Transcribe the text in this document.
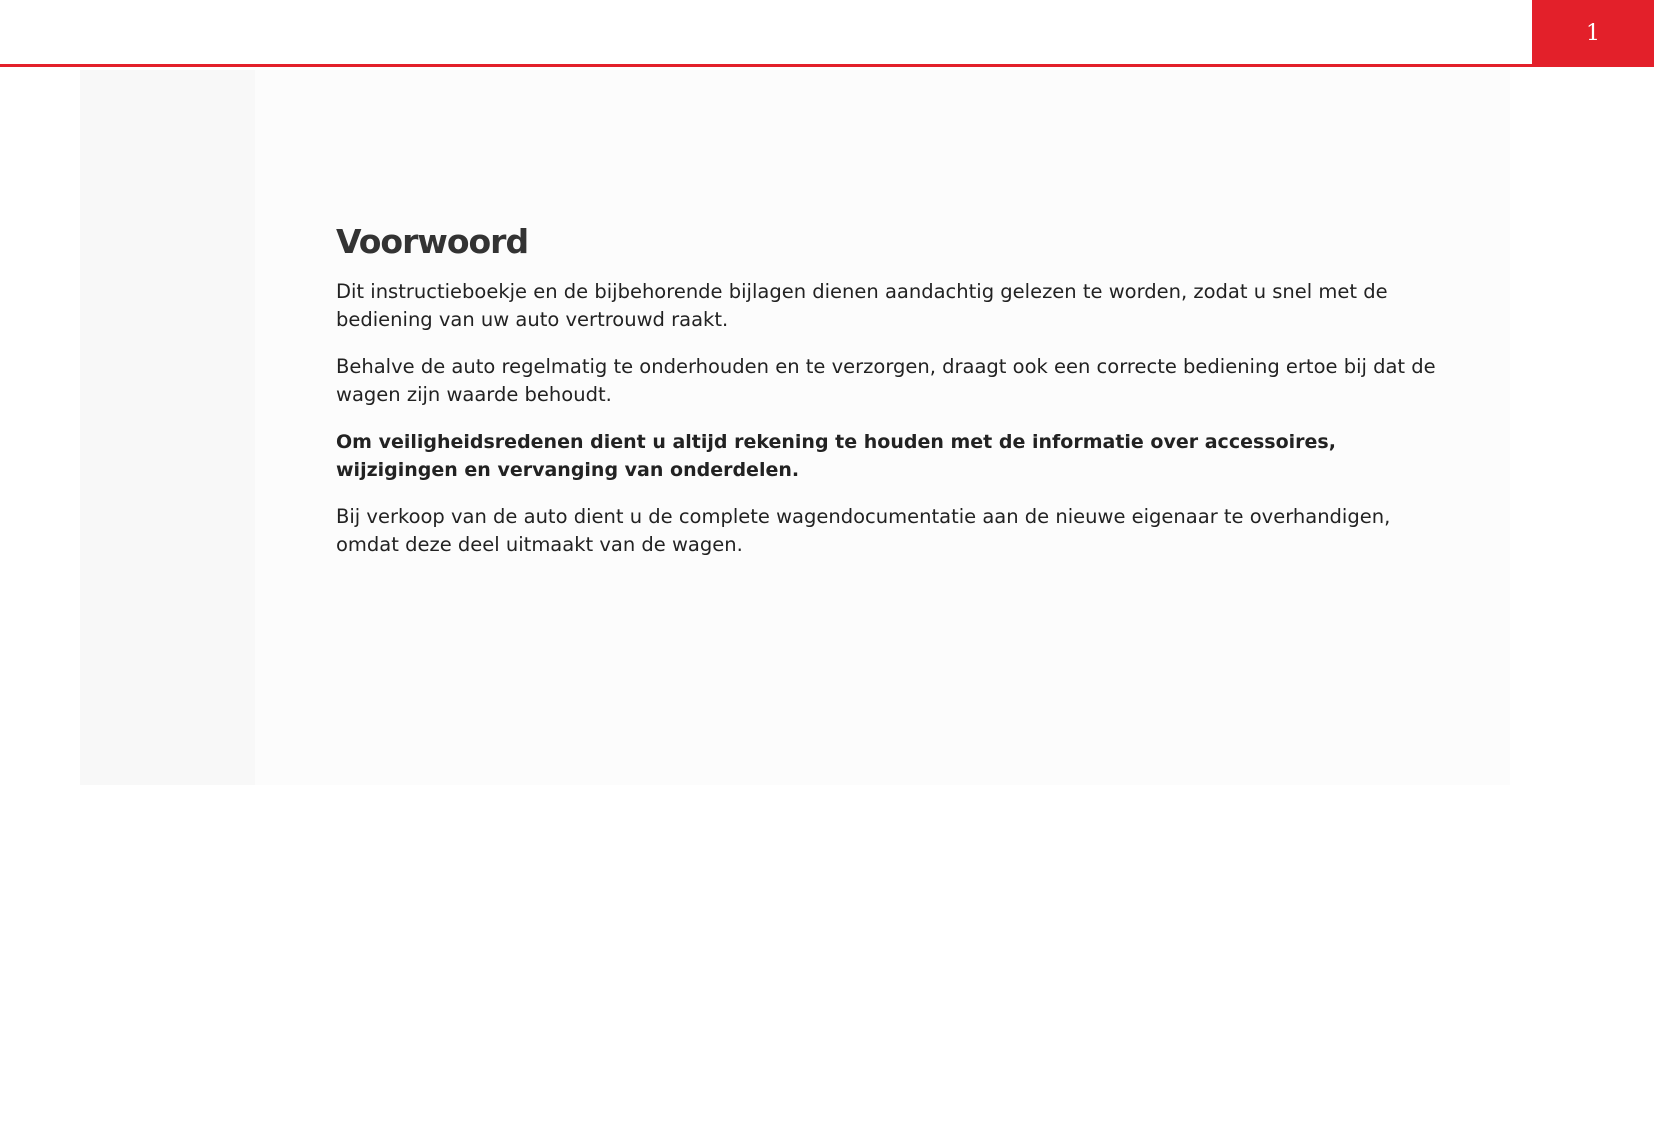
1
Voorwoord

Dit instructieboekje en de bijbehorende bijlagen dienen aandachtig gelezen te worden, zodat u snel met de bediening van uw auto vertrouwd raakt.

Behalve de auto regelmatig te onderhouden en te verzorgen, draagt ook een correcte bediening ertoe bij dat de wagen zijn waarde behoudt.

Om veiligheidsredenen dient u altijd rekening te houden met de informatie over accessoires, wijzigingen en vervanging van onderdelen.

Bij verkoop van de auto dient u de complete wagendocumentatie aan de nieuwe eigenaar te overhandigen, omdat deze deel uitmaakt van de wagen.
